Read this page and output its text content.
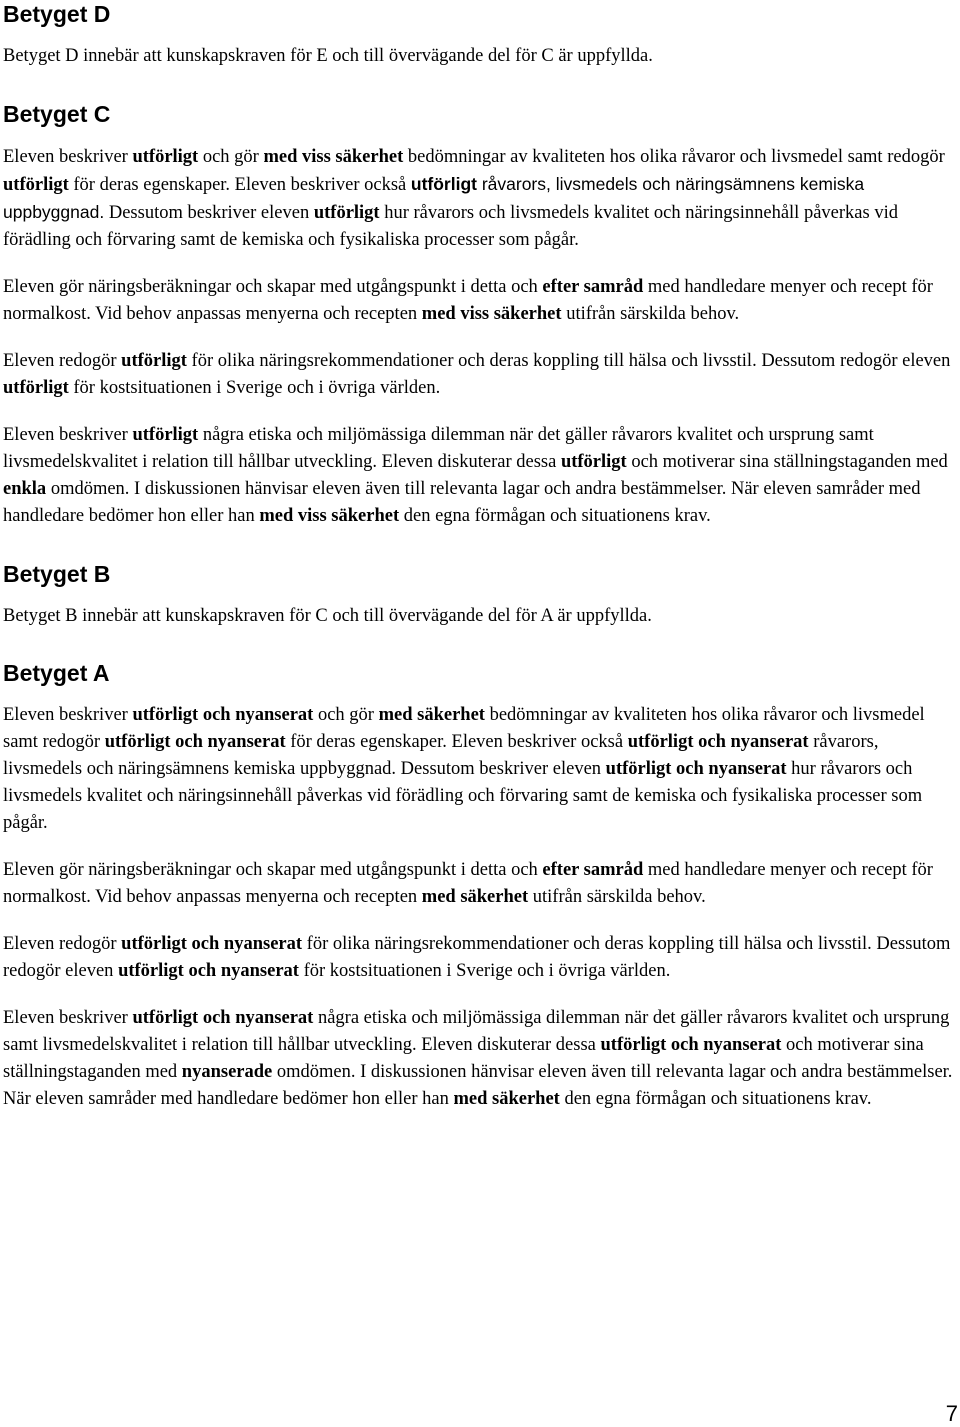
Betyget D

Betyget D innebär att kunskapskraven för E och till övervägande del för C är uppfyllda.

Betyget C

Eleven beskriver utförligt och gör med viss säkerhet bedömningar av kvaliteten hos olika råvaror och livsmedel samt redogör utförligt för deras egenskaper. Eleven beskriver också utförligt råvarors, livsmedels och näringsämnens kemiska uppbyggnad. Dessutom beskriver eleven utförligt hur råvarors och livsmedels kvalitet och näringsinnehåll påverkas vid förädling och förvaring samt de kemiska och fysikaliska processer som pågår.

Eleven gör näringsberäkningar och skapar med utgångspunkt i detta och efter samråd med handledare menyer och recept för normalkost. Vid behov anpassas menyerna och recepten med viss säkerhet utifrån särskilda behov.

Eleven redogör utförligt för olika näringsrekommendationer och deras koppling till hälsa och livsstil. Dessutom redogör eleven utförligt för kostsituationen i Sverige och i övriga världen.

Eleven beskriver utförligt några etiska och miljömässiga dilemman när det gäller råvarors kvalitet och ursprung samt livsmedelskvalitet i relation till hållbar utveckling. Eleven diskuterar dessa utförligt och motiverar sina ställningstaganden med enkla omdömen. I diskussionen hänvisar eleven även till relevanta lagar och andra bestämmelser. När eleven samråder med handledare bedömer hon eller han med viss säkerhet den egna förmågan och situationens krav.

Betyget B

Betyget B innebär att kunskapskraven för C och till övervägande del för A är uppfyllda.

Betyget A

Eleven beskriver utförligt och nyanserat och gör med säkerhet bedömningar av kvaliteten hos olika råvaror och livsmedel samt redogör utförligt och nyanserat för deras egenskaper. Eleven beskriver också utförligt och nyanserat råvarors, livsmedels och näringsämnens kemiska uppbyggnad. Dessutom beskriver eleven utförligt och nyanserat hur råvarors och livsmedels kvalitet och näringsinnehåll påverkas vid förädling och förvaring samt de kemiska och fysikaliska processer som pågår.

Eleven gör näringsberäkningar och skapar med utgångspunkt i detta och efter samråd med handledare menyer och recept för normalkost. Vid behov anpassas menyerna och recepten med säkerhet utifrån särskilda behov.

Eleven redogör utförligt och nyanserat för olika näringsrekommendationer och deras koppling till hälsa och livsstil. Dessutom redogör eleven utförligt och nyanserat för kostsituationen i Sverige och i övriga världen.

Eleven beskriver utförligt och nyanserat några etiska och miljömässiga dilemman när det gäller råvarors kvalitet och ursprung samt livsmedelskvalitet i relation till hållbar utveckling. Eleven diskuterar dessa utförligt och nyanserat och motiverar sina ställningstaganden med nyanserade omdömen. I diskussionen hänvisar eleven även till relevanta lagar och andra bestämmelser. När eleven samråder med handledare bedömer hon eller han med säkerhet den egna förmågan och situationens krav.

7
